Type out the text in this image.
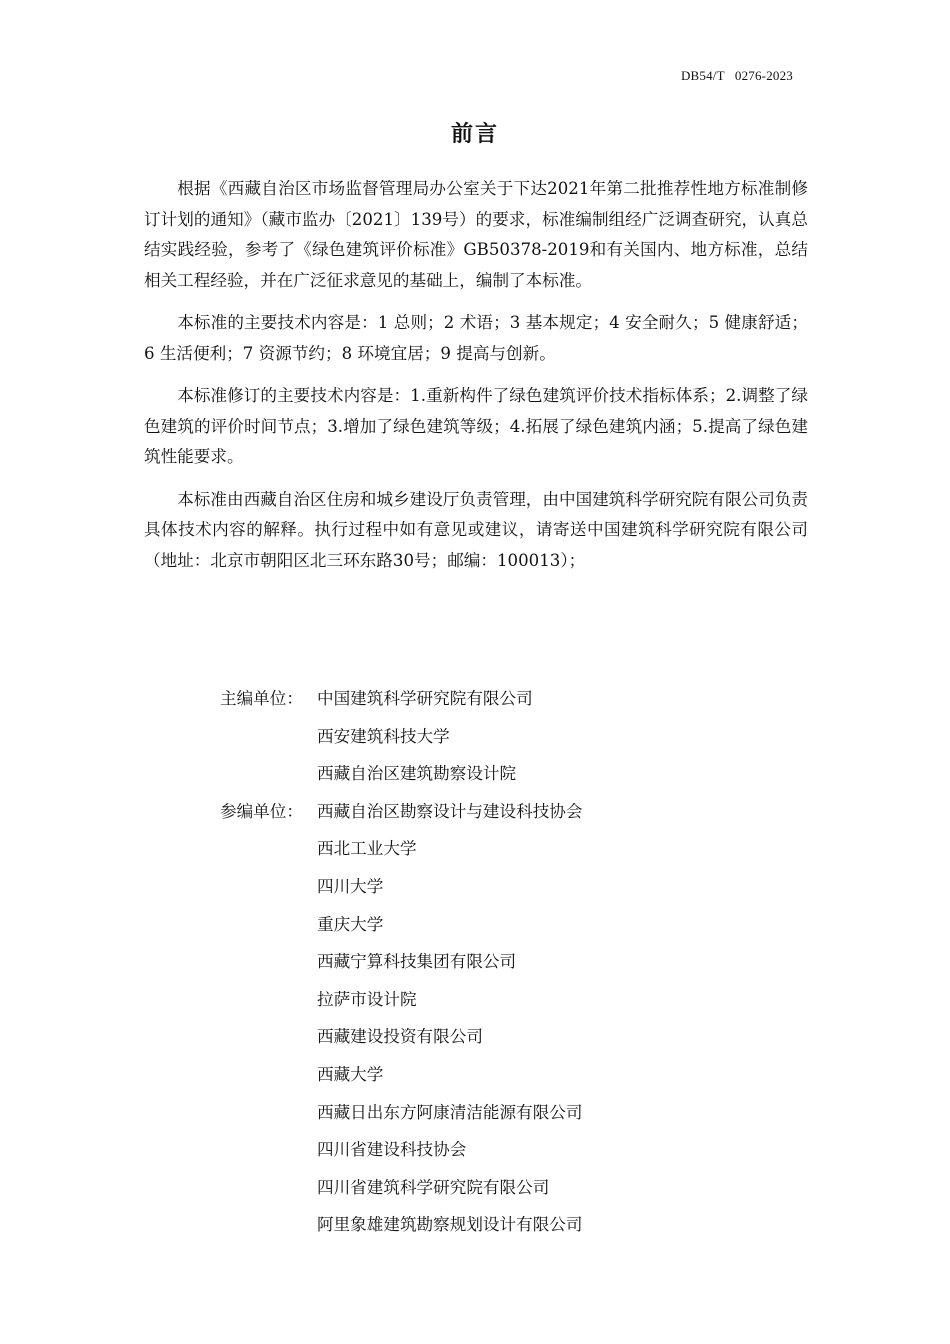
DB54/T   0276-2023
前言

根据《西藏自治区市场监督管理局办公室关于下达2021年第二批推荐性地方标准制修订计划的通知》（藏市监办〔2021〕139号）的要求，标准编制组经广泛调查研究，认真总结实践经验，参考了《绿色建筑评价标准》GB50378-2019和有关国内、地方标准，总结相关工程经验，并在广泛征求意见的基础上，编制了本标准。

本标准的主要技术内容是：1 总则；2 术语；3 基本规定；4 安全耐久；5 健康舒适；6 生活便利；7 资源节约；8 环境宜居；9 提高与创新。

本标准修订的主要技术内容是：1.重新构件了绿色建筑评价技术指标体系；2.调整了绿色建筑的评价时间节点；3.增加了绿色建筑等级；4.拓展了绿色建筑内涵；5.提高了绿色建筑性能要求。

本标准由西藏自治区住房和城乡建设厅负责管理，由中国建筑科学研究院有限公司负责具体技术内容的解释。执行过程中如有意见或建议，请寄送中国建筑科学研究院有限公司（地址：北京市朝阳区北三环东路30号；邮编：100013）；

主编单位： 中国建筑科学研究院有限公司
西安建筑科技大学
西藏自治区建筑勘察设计院
参编单位： 西藏自治区勘察设计与建设科技协会
西北工业大学
四川大学
重庆大学
西藏宁算科技集团有限公司
拉萨市设计院
西藏建设投资有限公司
西藏大学
西藏日出东方阿康清洁能源有限公司
四川省建设科技协会
四川省建筑科学研究院有限公司
阿里象雄建筑勘察规划设计有限公司
